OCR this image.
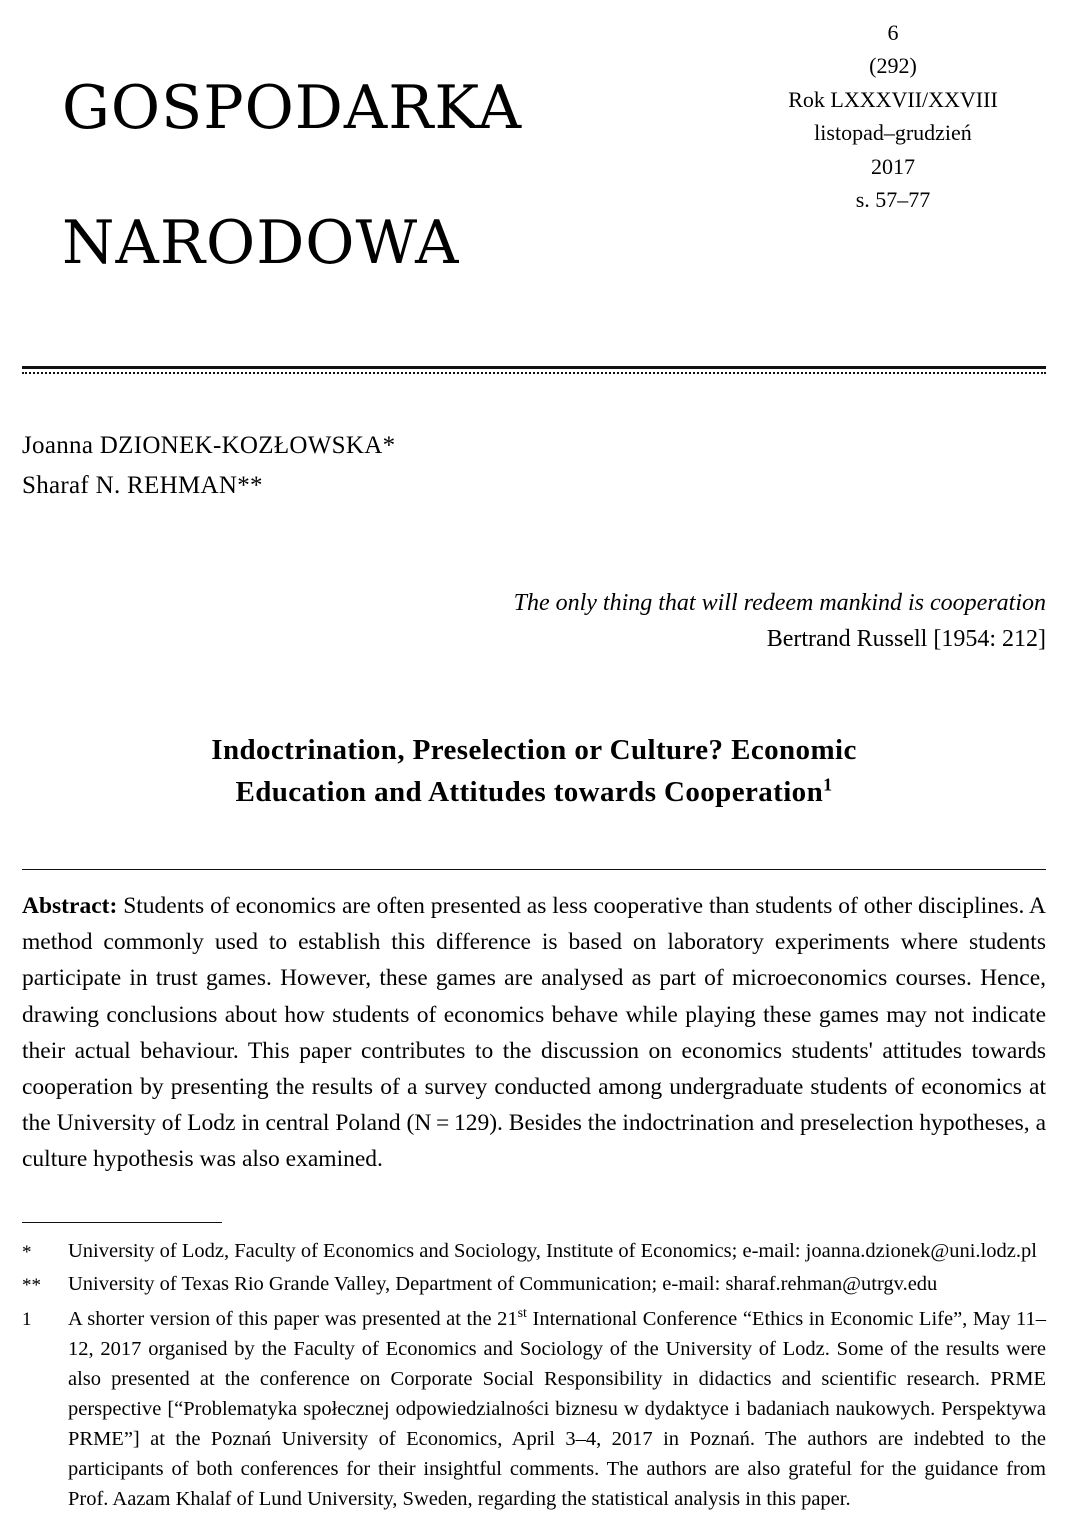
GOSPODARKA

NARODOWA

6
(292)
Rok LXXXVII/XXVIII
listopad–grudzień
2017
s. 57–77
Joanna DZIONEK-KOZŁOWSKA*
Sharaf N. REHMAN**
The only thing that will redeem mankind is cooperation
Bertrand Russell [1954: 212]
Indoctrination, Preselection or Culture? Economic
Education and Attitudes towards Cooperation$^1$

Abstract: Students of economics are often presented as less cooperative than students of other disciplines. A method commonly used to establish this difference is based on laboratory experiments where students participate in trust games. However, these games are analysed as part of microeconomics courses. Hence, drawing conclusions about how students of economics behave while playing these games may not indicate their actual behaviour. This paper contributes to the discussion on economics students' attitudes towards cooperation by presenting the results of a survey conducted among undergraduate students of economics at the University of Lodz in central Poland (N = 129). Besides the indoctrination and preselection hypotheses, a culture hypothesis was also examined.

*	University of Lodz, Faculty of Economics and Sociology, Institute of Economics; e-mail: joanna.dzionek@uni.lodz.pl
**	University of Texas Rio Grande Valley, Department of Communication; e-mail: sharaf.rehman@utrgv.edu
1	A shorter version of this paper was presented at the 21st International Conference “Ethics in Economic Life”, May 11–12, 2017 organised by the Faculty of Economics and Sociology of the University of Lodz. Some of the results were also presented at the conference on Corporate Social Responsibility in didactics and scientific research. PRME perspective [“Problematyka społecznej odpowiedzialności biznesu w dydaktyce i badaniach naukowych. Perspektywa PRME”] at the Poznań University of Economics, April 3–4, 2017 in Poznań. The authors are indebted to the participants of both conferences for their insightful comments. The authors are also grateful for the guidance from Prof. Aazam Khalaf of Lund University, Sweden, regarding the statistical analysis in this paper.
